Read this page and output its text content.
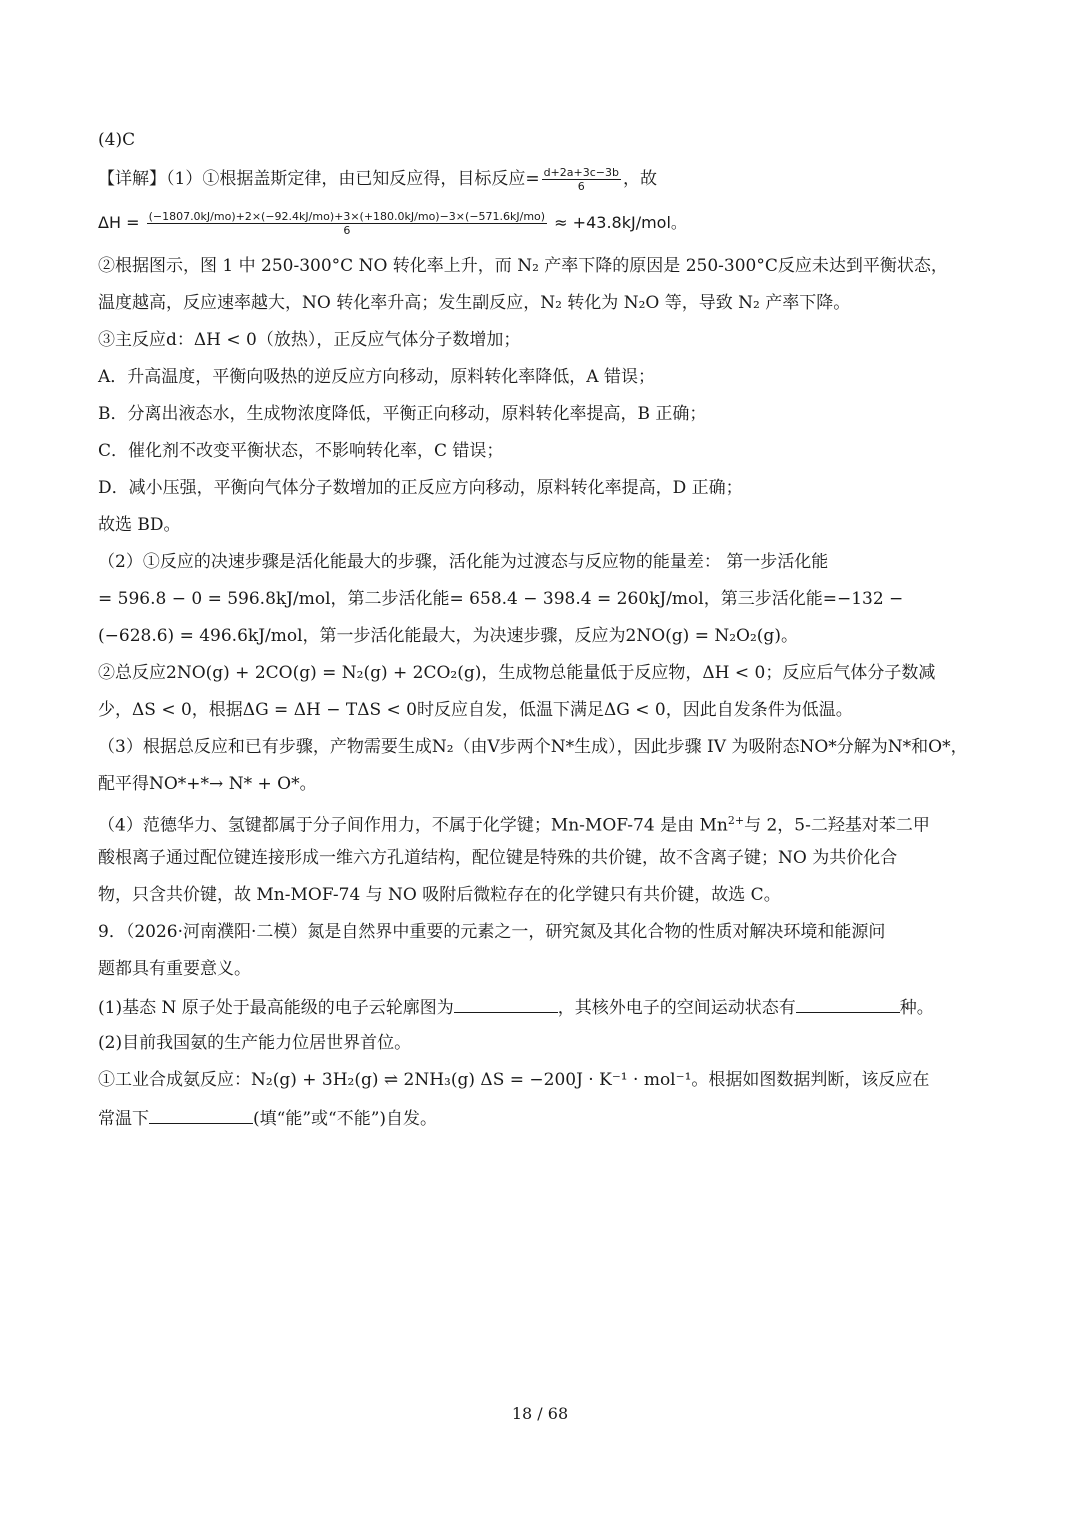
(4)C
【详解】（1）①根据盖斯定律，由已知反应得，目标反应= $\frac{d+2a+3c-3b}{6}$ ，故
ΔH = (−1807.0kJ/mo)+2×(−92.4kJ/mo)+3×(+180.0kJ/mo)−3×(−571.6kJ/mo)
6	≈ +43.8kJ/mol。
②根据图示，图 1 中 250-300°C NO 转化率上升，而 N₂ 产率下降的原因是 250-300°C反应未达到平衡状态，
温度越高，反应速率越大，NO 转化率升高；发生副反应，N₂ 转化为 N₂O 等，导致 N₂ 产率下降。
③主反应d：ΔH < 0（放热），正反应气体分子数增加；
A．升高温度，平衡向吸热的逆反应方向移动，原料转化率降低，A 错误；
B．分离出液态水，生成物浓度降低，平衡正向移动，原料转化率提高，B 正确；
C．催化剂不改变平衡状态，不影响转化率，C 错误；
D．减小压强，平衡向气体分子数增加的正反应方向移动，原料转化率提高，D 正确；
故选 BD。
（2）①反应的决速步骤是活化能最大的步骤，活化能为过渡态与反应物的能量差： 第一步活化能
= 596.8 − 0 = 596.8kJ/mol，第二步活化能= 658.4 − 398.4 = 260kJ/mol，第三步活化能=−132 −
(−628.6) = 496.6kJ/mol，第一步活化能最大，为决速步骤，反应为2NO(g) = N₂O₂(g)。
②总反应2NO(g) + 2CO(g) = N₂(g) + 2CO₂(g)，生成物总能量低于反应物，ΔH < 0；反应后气体分子数减
少，ΔS < 0，根据ΔG = ΔH − TΔS < 0时反应自发，低温下满足ΔG < 0，因此自发条件为低温。
（3）根据总反应和已有步骤，产物需要生成N₂（由V步两个N*生成），因此步骤 IV 为吸附态NO*分解为N*和O*，
配平得NO*+*→ N* + O*。
（4）范德华力、氢键都属于分子间作用力，不属于化学键；Mn-MOF-74 是由 $Mn^{2+}$与 2，5-二羟基对苯二甲
酸根离子通过配位键连接形成一维六方孔道结构，配位键是特殊的共价键，故不含离子键；NO 为共价化合
物，只含共价键，故 Mn-MOF-74 与 NO 吸附后微粒存在的化学键只有共价键，故选 C。
9．（2026·河南濮阳·二模）氮是自然界中重要的元素之一，研究氮及其化合物的性质对解决环境和能源问
题都具有重要意义。
(1)基态 N 原子处于最高能级的电子云轮廓图为	，其核外电子的空间运动状态有	种。
(2)目前我国氨的生产能力位居世界首位。
①工业合成氨反应：N₂(g) + 3H₂(g) ⇌ 2NH₃(g) ΔS = −200J · K⁻¹ · mol⁻¹。根据如图数据判断，该反应在
常温下	(填“能”或“不能”)自发。
18 / 68
